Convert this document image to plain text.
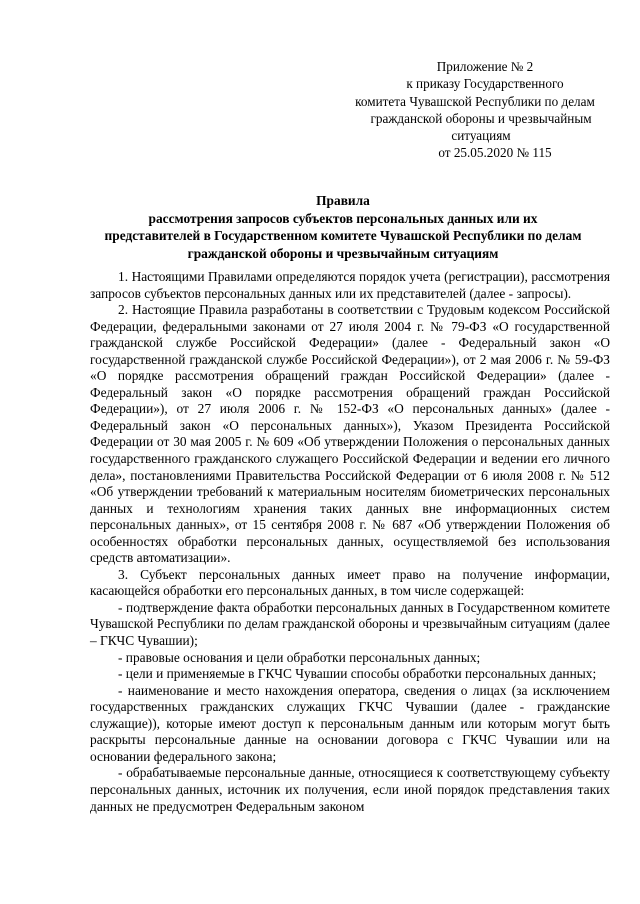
Приложение № 2
к приказу Государственного
комитета Чувашской Республики по делам
гражданской обороны и чрезвычайным
ситуациям
от 25.05.2020 № 115
Правила
рассмотрения запросов субъектов персональных данных или их
представителей в Государственном комитете Чувашской Республики по делам
гражданской обороны и чрезвычайным ситуациям

1. Настоящими Правилами определяются порядок учета (регистрации), рассмотрения запросов субъектов персональных данных или их представителей (далее - запросы).

2. Настоящие Правила разработаны в соответствии с Трудовым кодексом Российской Федерации, федеральными законами от 27 июля 2004 г. № 79-ФЗ «О государственной гражданской службе Российской Федерации» (далее - Федеральный закон «О государственной гражданской службе Российской Федерации»), от 2 мая 2006 г. № 59-ФЗ «О порядке рассмотрения обращений граждан Российской Федерации» (далее - Федеральный закон «О порядке рассмотрения обращений граждан Российской Федерации»), от 27 июля 2006 г. № 152-ФЗ «О персональных данных» (далее - Федеральный закон «О персональных данных»), Указом Президента Российской Федерации от 30 мая 2005 г. № 609 «Об утверждении Положения о персональных данных государственного гражданского служащего Российской Федерации и ведении его личного дела», постановлениями Правительства Российской Федерации от 6 июля 2008 г. № 512 «Об утверждении требований к материальным носителям биометрических персональных данных и технологиям хранения таких данных вне информационных систем персональных данных», от 15 сентября 2008 г. № 687 «Об утверждении Положения об особенностях обработки персональных данных, осуществляемой без использования средств автоматизации».

3. Субъект персональных данных имеет право на получение информации, касающейся обработки его персональных данных, в том числе содержащей:

- подтверждение факта обработки персональных данных в Государственном комитете Чувашской Республики по делам гражданской обороны и чрезвычайным ситуациям (далее – ГКЧС Чувашии);

- правовые основания и цели обработки персональных данных;

- цели и применяемые в ГКЧС Чувашии способы обработки персональных данных;

- наименование и место нахождения оператора, сведения о лицах (за исключением государственных гражданских служащих ГКЧС Чувашии (далее - гражданские служащие)), которые имеют доступ к персональным данным или которым могут быть раскрыты персональные данные на основании договора с ГКЧС Чувашии или на основании федерального закона;

- обрабатываемые персональные данные, относящиеся к соответствующему субъекту персональных данных, источник их получения, если иной порядок представления таких данных не предусмотрен Федеральным законом
